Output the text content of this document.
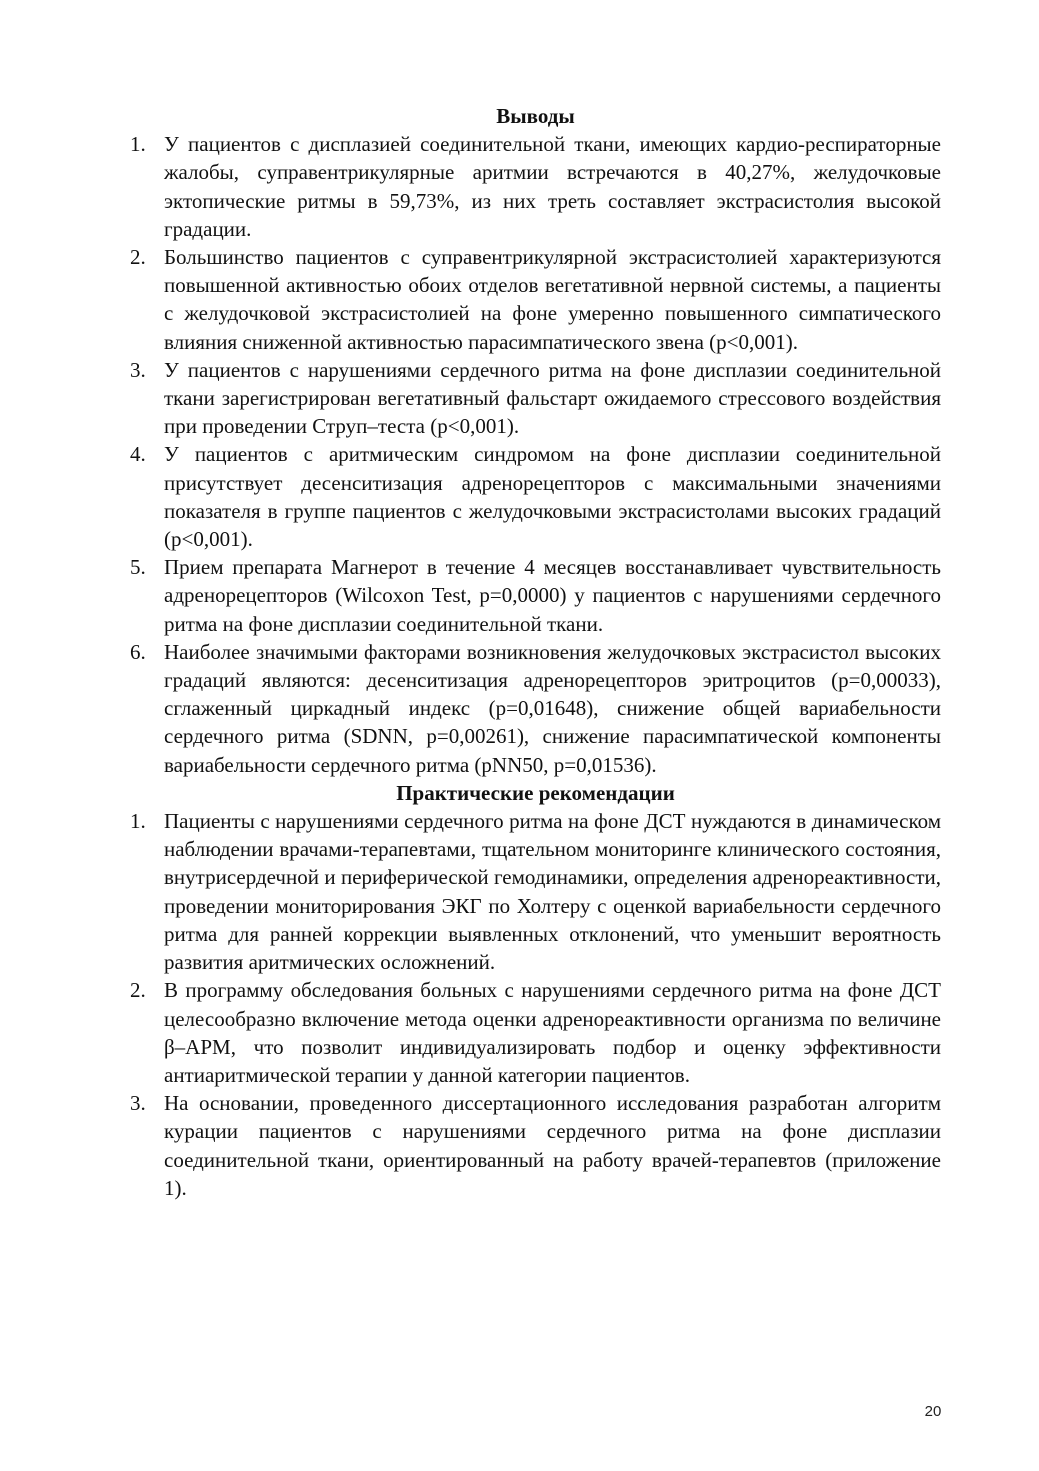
Выводы
1. У пациентов с дисплазией соединительной ткани, имеющих кардио-респираторные жалобы, суправентрикулярные аритмии встречаются в 40,27%, желудочковые эктопические ритмы в 59,73%, из них треть составляет экстрасистолия высокой градации.
2. Большинство пациентов с суправентрикулярной экстрасистолией характеризуются повышенной активностью обоих отделов вегетативной нервной системы, а пациенты с желудочковой экстрасистолией на фоне умеренно повышенного симпатического влияния сниженной активностью парасимпатического звена (р<0,001).
3. У пациентов с нарушениями сердечного ритма на фоне дисплазии соединительной ткани зарегистрирован вегетативный фальстарт ожидаемого стрессового воздействия при проведении Струп–теста (р<0,001).
4. У пациентов с аритмическим синдромом на фоне дисплазии соединительной присутствует десенситизация адренорецепторов с максимальными значениями показателя в группе пациентов с желудочковыми экстрасистолами высоких градаций (р<0,001).
5. Прием препарата Магнерот в течение 4 месяцев восстанавливает чувствительность адренорецепторов (Wilcoxon Test, р=0,0000) у пациентов с нарушениями сердечного ритма на фоне дисплазии соединительной ткани.
6. Наиболее значимыми факторами возникновения желудочковых экстрасистол высоких градаций являются: десенситизация адренорецепторов эритроцитов (р=0,00033), сглаженный циркадный индекс (р=0,01648), снижение общей вариабельности сердечного ритма (SDNN, р=0,00261), снижение парасимпатической компоненты вариабельности сердечного ритма (pNN50, р=0,01536).
Практические рекомендации
1. Пациенты с нарушениями сердечного ритма на фоне ДСТ нуждаются в динамическом наблюдении врачами-терапевтами, тщательном мониторинге клинического состояния, внутрисердечной и периферической гемодинамики, определения адренореактивности, проведении мониторирования ЭКГ по Холтеру с оценкой вариабельности сердечного ритма для ранней коррекции выявленных отклонений, что уменьшит вероятность развития аритмических осложнений.
2. В программу обследования больных с нарушениями сердечного ритма на фоне ДСТ целесообразно включение метода оценки адренореактивности организма по величине β–АРМ, что позволит индивидуализировать подбор и оценку эффективности антиаритмической терапии у данной категории пациентов.
3. На основании, проведенного диссертационного исследования разработан алгоритм курации пациентов с нарушениями сердечного ритма на фоне дисплазии соединительной ткани, ориентированный на работу врачей-терапевтов (приложение 1).
20
